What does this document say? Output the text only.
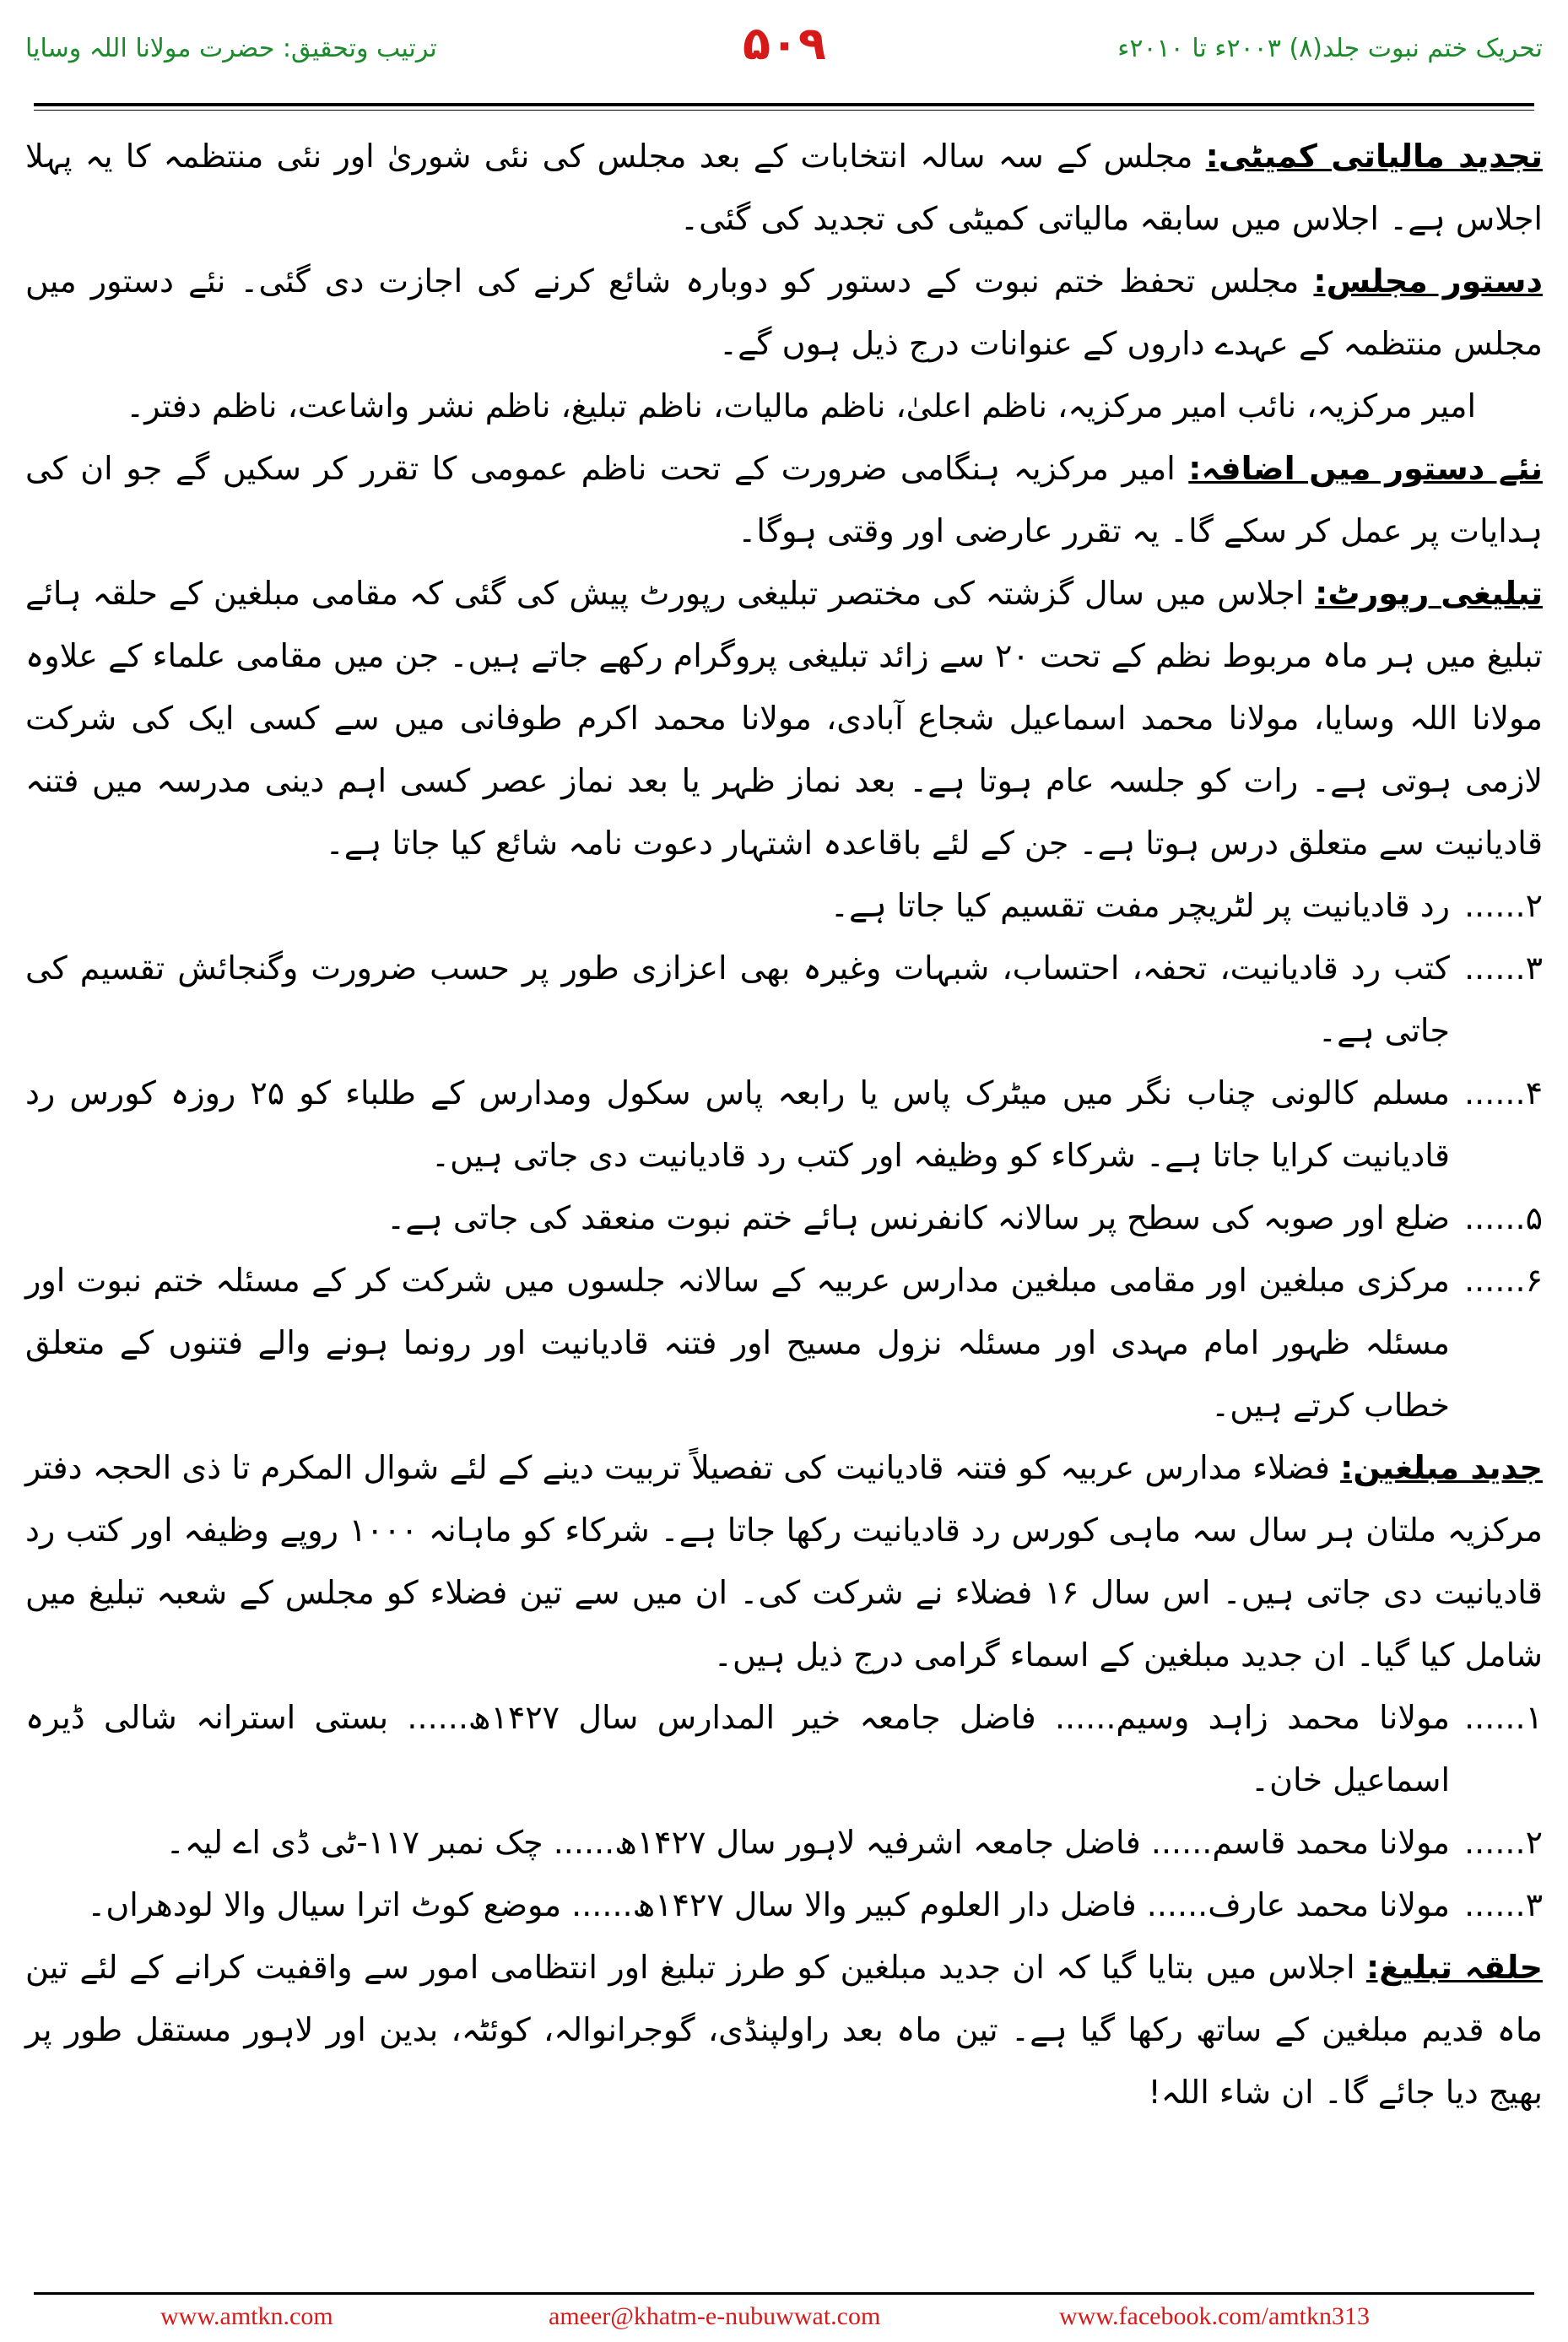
ترتیب وتحقیق: حضرت مولانا اللہ وسایا	۵۰۹	تحریک ختم نبوت جلد(۸) ۲۰۰۳ء تا ۲۰۱۰ء

تجدید مالیاتی کمیٹی: مجلس کے سہ سالہ انتخابات کے بعد مجلس کی نئی شوریٰ اور نئی منتظمہ کا یہ پہلا اجلاس ہے۔ اجلاس میں سابقہ مالیاتی کمیٹی کی تجدید کی گئی۔

دستور مجلس: مجلس تحفظ ختم نبوت کے دستور کو دوبارہ شائع کرنے کی اجازت دی گئی۔ نئے دستور میں مجلس منتظمہ کے عہدے داروں کے عنوانات درج ذیل ہوں گے۔

امیر مرکزیہ، نائب امیر مرکزیہ، ناظم اعلیٰ، ناظم مالیات، ناظم تبلیغ، ناظم نشر واشاعت، ناظم دفتر۔

نئے دستور میں اضافہ: امیر مرکزیہ ہنگامی ضرورت کے تحت ناظم عمومی کا تقرر کر سکیں گے جو ان کی ہدایات پر عمل کر سکے گا۔ یہ تقرر عارضی اور وقتی ہوگا۔

تبلیغی رپورٹ: اجلاس میں سال گزشتہ کی مختصر تبلیغی رپورٹ پیش کی گئی کہ مقامی مبلغین کے حلقہ ہائے تبلیغ میں ہر ماہ مربوط نظم کے تحت ۲۰ سے زائد تبلیغی پروگرام رکھے جاتے ہیں۔ جن میں مقامی علماء کے علاوہ مولانا اللہ وسایا، مولانا محمد اسماعیل شجاع آبادی، مولانا محمد اکرم طوفانی میں سے کسی ایک کی شرکت لازمی ہوتی ہے۔ رات کو جلسہ عام ہوتا ہے۔ بعد نماز ظہر یا بعد نماز عصر کسی اہم دینی مدرسہ میں فتنہ قادیانیت سے متعلق درس ہوتا ہے۔ جن کے لئے باقاعدہ اشتہار دعوت نامہ شائع کیا جاتا ہے۔

۲......
رد قادیانیت پر لٹریچر مفت تقسیم کیا جاتا ہے۔
۳......
کتب رد قادیانیت، تحفہ، احتساب، شبہات وغیرہ بھی اعزازی طور پر حسب ضرورت وگنجائش تقسیم کی جاتی ہے۔
۴......
مسلم کالونی چناب نگر میں میٹرک پاس یا رابعہ پاس سکول ومدارس کے طلباء کو ۲۵ روزہ کورس رد قادیانیت کرایا جاتا ہے۔ شرکاء کو وظیفہ اور کتب رد قادیانیت دی جاتی ہیں۔
۵......
ضلع اور صوبہ کی سطح پر سالانہ کانفرنس ہائے ختم نبوت منعقد کی جاتی ہے۔
۶......
مرکزی مبلغین اور مقامی مبلغین مدارس عربیہ کے سالانہ جلسوں میں شرکت کر کے مسئلہ ختم نبوت اور مسئلہ ظہور امام مہدی اور مسئلہ نزول مسیح اور فتنہ قادیانیت اور رونما ہونے والے فتنوں کے متعلق خطاب کرتے ہیں۔

جدید مبلغین: فضلاء مدارس عربیہ کو فتنہ قادیانیت کی تفصیلاً تربیت دینے کے لئے شوال المکرم تا ذی الحجہ دفتر مرکزیہ ملتان ہر سال سہ ماہی کورس رد قادیانیت رکھا جاتا ہے۔ شرکاء کو ماہانہ ۱۰۰۰ روپے وظیفہ اور کتب رد قادیانیت دی جاتی ہیں۔ اس سال ۱۶ فضلاء نے شرکت کی۔ ان میں سے تین فضلاء کو مجلس کے شعبہ تبلیغ میں شامل کیا گیا۔ ان جدید مبلغین کے اسماء گرامی درج ذیل ہیں۔

۱......
مولانا محمد زاہد وسیم...... فاضل جامعہ خیر المدارس سال ۱۴۲۷ھ...... بستی استرانہ شالی ڈیرہ اسماعیل خان۔
۲......
مولانا محمد قاسم...... فاضل جامعہ اشرفیہ لاہور سال ۱۴۲۷ھ...... چک نمبر ۱۱۷-ٹی ڈی اے لیہ۔
۳......
مولانا محمد عارف...... فاضل دار العلوم کبیر والا سال ۱۴۲۷ھ...... موضع کوٹ اترا سیال والا لودھراں۔

حلقہ تبلیغ: اجلاس میں بتایا گیا کہ ان جدید مبلغین کو طرز تبلیغ اور انتظامی امور سے واقفیت کرانے کے لئے تین ماہ قدیم مبلغین کے ساتھ رکھا گیا ہے۔ تین ماہ بعد راولپنڈی، گوجرانوالہ، کوئٹہ، بدین اور لاہور مستقل طور پر بھیج دیا جائے گا۔ ان شاء اللہ!

www.amtkn.com	ameer@khatm-e-nubuwwat.com	www.facebook.com/amtkn313
